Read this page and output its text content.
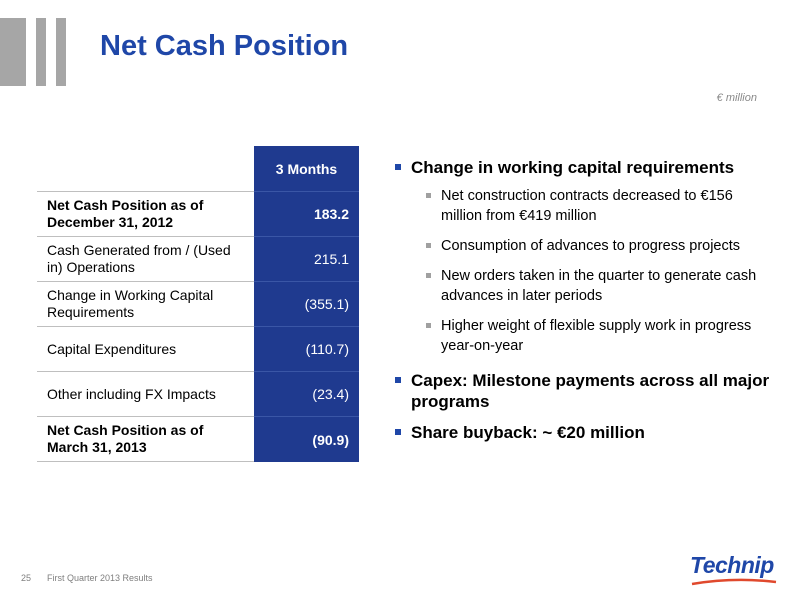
Net Cash Position
€ million
3 Months
Net Cash Position as of December 31, 2012	183.2
Cash Generated from / (Used in) Operations	215.1
Change in Working Capital Requirements	(355.1)
Capital Expenditures	(110.7)
Other including FX Impacts	(23.4)
Net Cash Position as of March 31, 2013	(90.9)
Change in working capital requirements
Net construction contracts decreased to €156 million from €419 million
Consumption of advances to progress projects
New orders taken in the quarter to generate cash advances in later periods
Higher weight of flexible supply work in progress year-on-year
Capex: Milestone payments across all major programs
Share buyback: ~ €20 million
25 First Quarter 2013 Results	Technip
